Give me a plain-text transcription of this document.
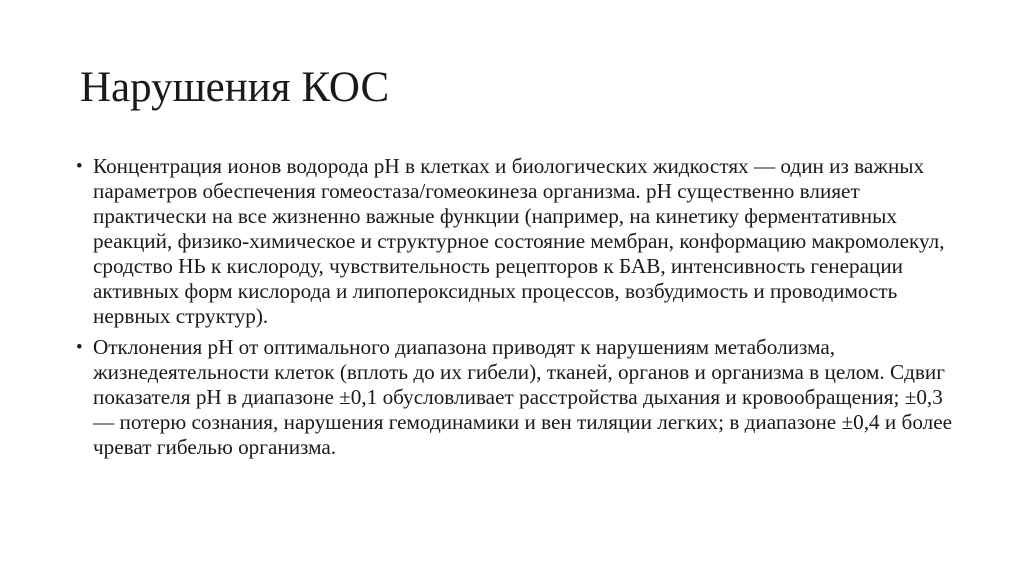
Нарушения КОС
• Концентрация ионов водорода рН в клетках и биологических жидкостях — один из важных параметров обеспечения гомеостаза/гомеокинеза организма. рН существенно влияет практически на все жизненно важные функции (например, на кинетику ферментативных реакций, физико-химическое и структурное состояние мембран, конформацию макромолекул, сродство НЬ к кислороду, чувствительность рецепторов к БАВ, интенсивность генерации активных форм кислорода и липопероксидных процессов, возбудимость и проводимость нервных структур).
• Отклонения рН от оптимального диапазона приводят к нарушениям метаболизма, жизнедеятельности клеток (вплоть до их гибели), тканей, органов и организма в целом. Сдвиг показателя рН в диапазоне ±0,1 обусловливает расстройства дыхания и кровообращения; ±0,3 — потерю сознания, нарушения гемодинамики и вен тиляции легких; в диапазоне ±0,4 и более чреват гибелью организма.
